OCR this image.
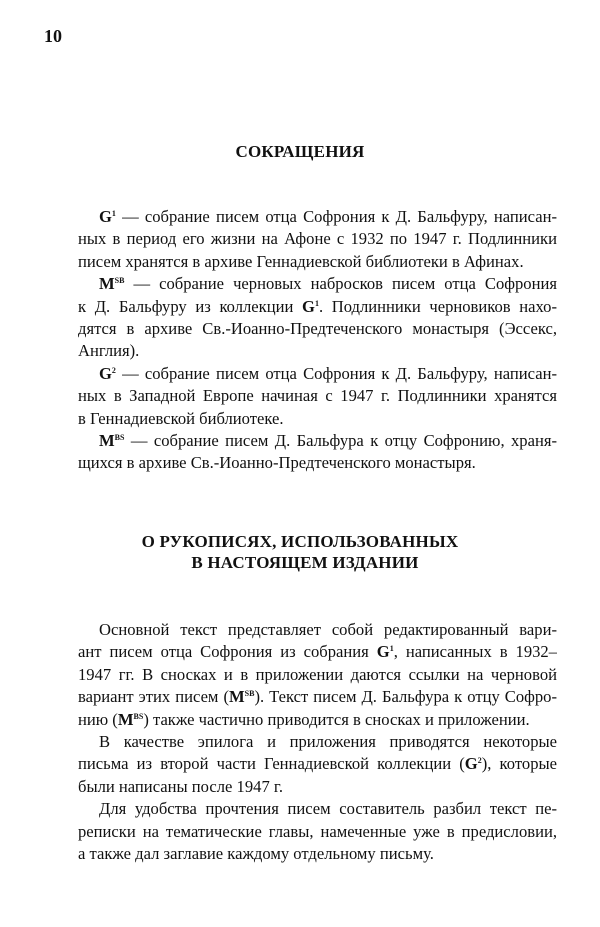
10
СОКРАЩЕНИЯ
$G^1$ — собрание писем отца Софрония к Д. Бальфуру, написан-
ных в период его жизни на Афоне с 1932 по 1947 г. Подлинники
писем хранятся в архиве Геннадиевской библиотеки в Афинах.
$M^{SB}$ — собрание черновых набросков писем отца Софрония
к Д. Бальфуру из коллекции $G^1$. Подлинники черновиков нахо-
дятся в архиве Св.-Иоанно-Предтеченского монастыря (Эссекс,
Англия).
$G^2$ — собрание писем отца Софрония к Д. Бальфуру, написан-
ных в Западной Европе начиная с 1947 г. Подлинники хранятся
в Геннадиевской библиотеке.
$M^{BS}$ — собрание писем Д. Бальфура к отцу Софронию, храня-
щихся в архиве Св.-Иоанно-Предтеченского монастыря.
О РУКОПИСЯХ, ИСПОЛЬЗОВАННЫХ
В НАСТОЯЩЕМ ИЗДАНИИ
Основной текст представляет собой редактированный вари-
ант писем отца Софрония из собрания $G^1$, написанных в 1932–
1947 гг. В сносках и в приложении даются ссылки на черновой
вариант этих писем $(M^{SB})$. Текст писем Д. Бальфура к отцу Софро-
нию $(M^{BS})$ также частично приводится в сносках и приложении.
В качестве эпилога и приложения приводятся некоторые
письма из второй части Геннадиевской коллекции $(G^2)$, которые
были написаны после 1947 г.
Для удобства прочтения писем составитель разбил текст пе-
реписки на тематические главы, намеченные уже в предисловии,
а также дал заглавие каждому отдельному письму.
